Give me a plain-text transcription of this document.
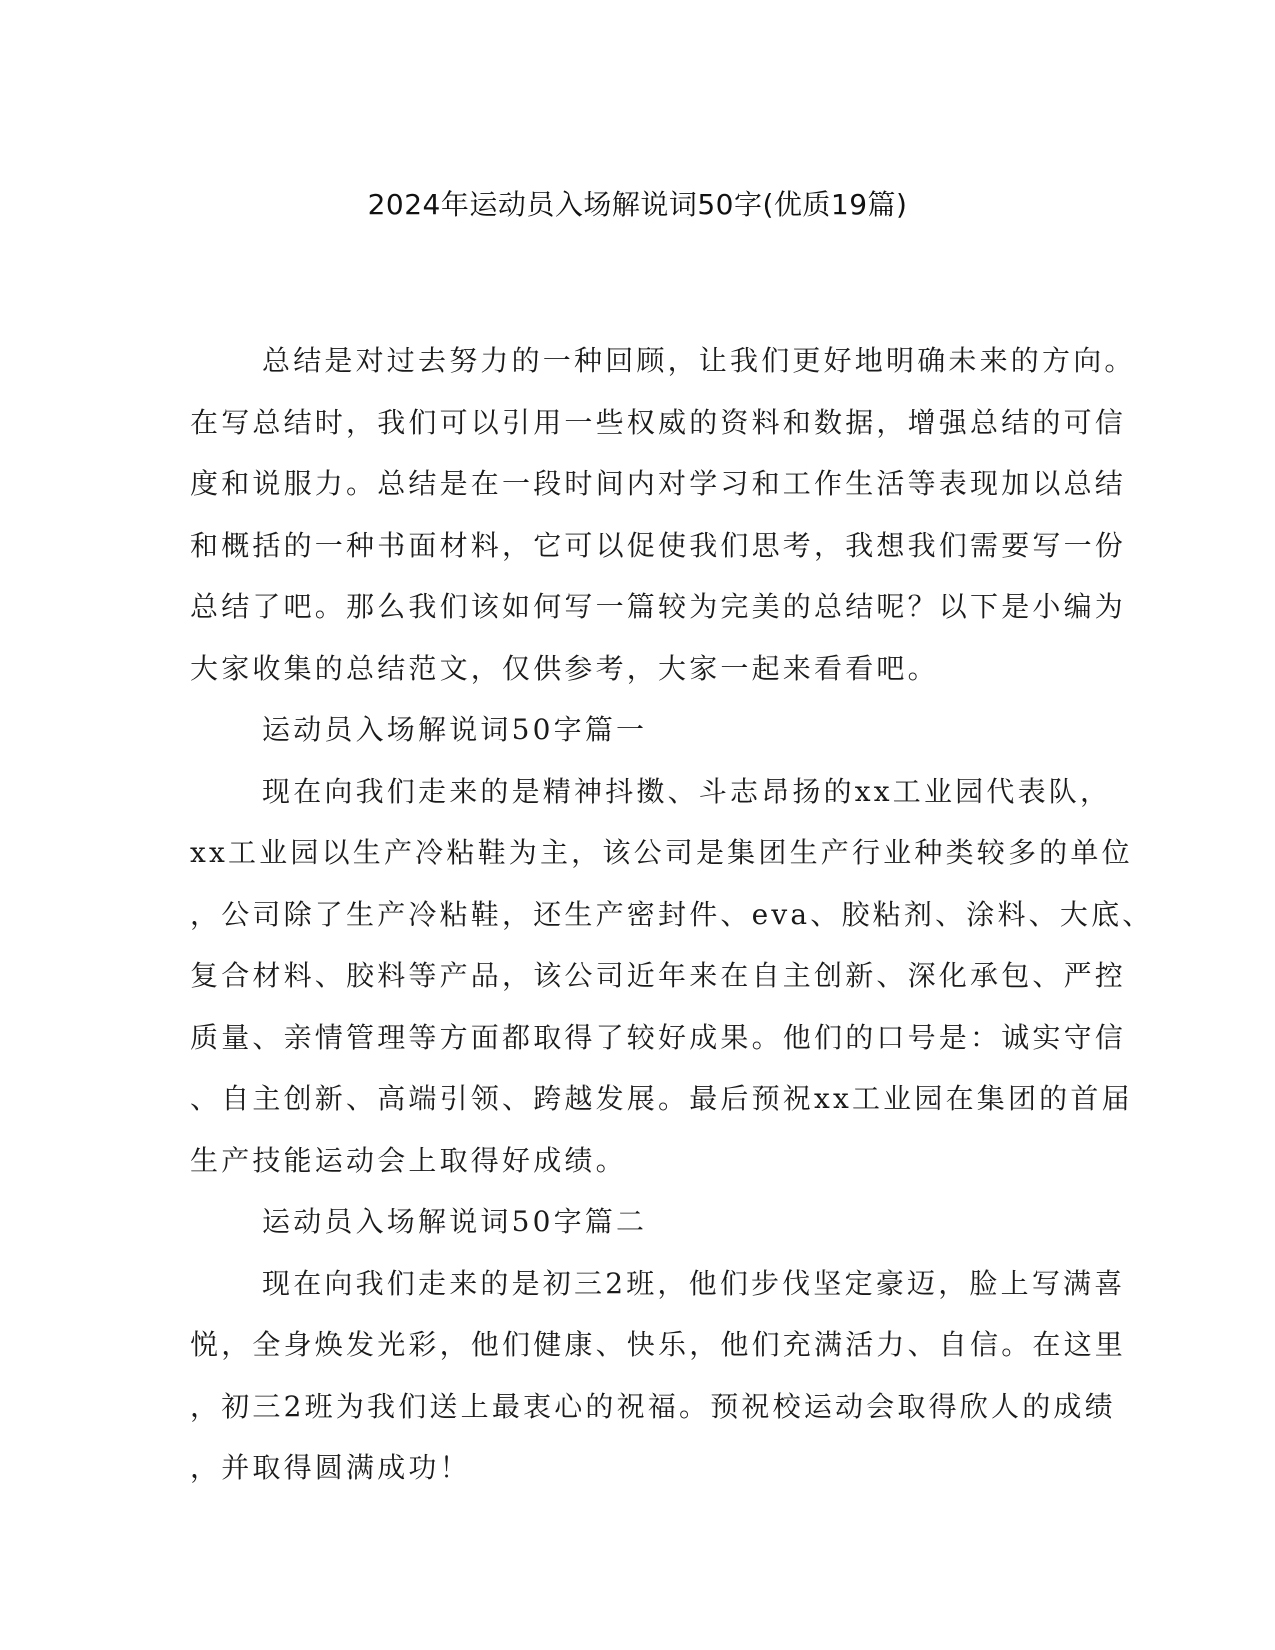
2024年运动员入场解说词50字(优质19篇)
总结是对过去努力的一种回顾，让我们更好地明确未来的方向。
在写总结时，我们可以引用一些权威的资料和数据，增强总结的可信
度和说服力。总结是在一段时间内对学习和工作生活等表现加以总结
和概括的一种书面材料，它可以促使我们思考，我想我们需要写一份
总结了吧。那么我们该如何写一篇较为完美的总结呢？以下是小编为
大家收集的总结范文，仅供参考，大家一起来看看吧。
运动员入场解说词50字篇一
现在向我们走来的是精神抖擞、斗志昂扬的xx工业园代表队，
xx工业园以生产冷粘鞋为主，该公司是集团生产行业种类较多的单位
，公司除了生产冷粘鞋，还生产密封件、eva、胶粘剂、涂料、大底、
复合材料、胶料等产品，该公司近年来在自主创新、深化承包、严控
质量、亲情管理等方面都取得了较好成果。他们的口号是：诚实守信
、自主创新、高端引领、跨越发展。最后预祝xx工业园在集团的首届
生产技能运动会上取得好成绩。
运动员入场解说词50字篇二
现在向我们走来的是初三2班，他们步伐坚定豪迈，脸上写满喜
悦，全身焕发光彩，他们健康、快乐，他们充满活力、自信。在这里
，初三2班为我们送上最衷心的祝福。预祝校运动会取得欣人的成绩
，并取得圆满成功！
